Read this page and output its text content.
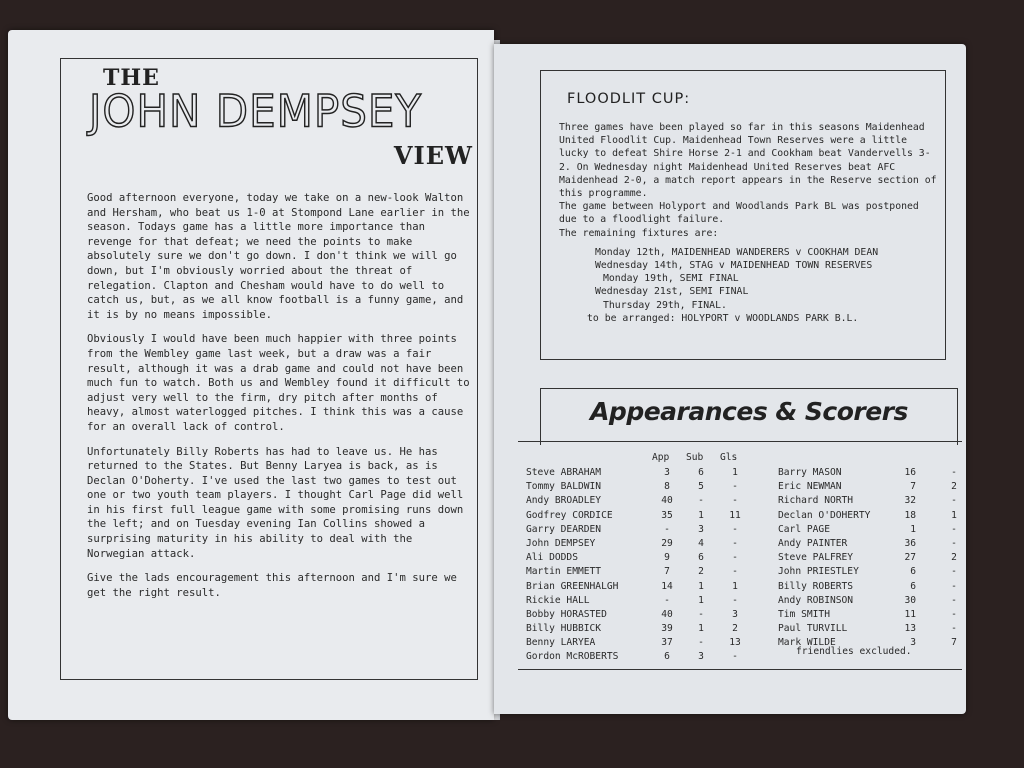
THE
JOHN DEMPSEY
VIEW

Good afternoon everyone, today we take on a new-look Walton and Hersham, who beat us 1-0 at Stompond Lane earlier in the season. Todays game has a little more importance than revenge for that defeat; we need the points to make absolutely sure we don't go down. I don't think we will go down, but I'm obviously worried about the threat of relegation. Clapton and Chesham would have to do well to catch us, but, as we all know football is a funny game, and it is by no means impossible.

Obviously I would have been much happier with three points from the Wembley game last week, but a draw was a fair result, although it was a drab game and could not have been much fun to watch. Both us and Wembley found it difficult to adjust very well to the firm, dry pitch after months of heavy, almost waterlogged pitches. I think this was a cause for an overall lack of control.

Unfortunately Billy Roberts has had to leave us. He has returned to the States. But Benny Laryea is back, as is Declan O'Doherty. I've used the last two games to test out one or two youth team players. I thought Carl Page did well in his first full league game with some promising runs down the left; and on Tuesday evening Ian Collins showed a surprising maturity in his ability to deal with the Norwegian attack.

Give the lads encouragement this afternoon and I'm sure we get the right result.

FLOODLIT CUP:

Three games have been played so far in this seasons Maidenhead United Floodlit Cup. Maidenhead Town Reserves were a little lucky to defeat Shire Horse 2-1 and Cookham beat Vandervells 3-2. On Wednesday night Maidenhead United Reserves beat AFC Maidenhead 2-0, a match report appears in the Reserve section of this programme.

The game between Holyport and Woodlands Park BL was postponed due to a floodlight failure.

The remaining fixtures are:

Monday 12th, MAIDENHEAD WANDERERS v COOKHAM DEAN
Wednesday 14th, STAG v MAIDENHEAD TOWN RESERVES
Monday 19th, SEMI FINAL
Wednesday 21st, SEMI FINAL
Thursday 29th, FINAL.
to be arranged: HOLYPORT v WOODLANDS PARK B.L.
Appearances & Scorers
App Sub Gls
Steve ABRAHAM	3	6	1
Tommy BALDWIN	8	5	-
Andy BROADLEY	40	-	-
Godfrey CORDICE	35	1	11
Garry DEARDEN	-	3	-
John DEMPSEY	29	4	-
Ali DODDS	9	6	-
Martin EMMETT	7	2	-
Brian GREENHALGH	14	1	1
Rickie HALL	-	1	-
Bobby HORASTED	40	-	3
Billy HUBBICK	39	1	2
Benny LARYEA	37	-	13
Gordon McROBERTS	6	3	-
Barry MASON	16	-
Eric NEWMAN	7	2
Richard NORTH	32	-
Declan O'DOHERTY	18	1
Carl PAGE	1	-
Andy PAINTER	36	-
Steve PALFREY	27	2
John PRIESTLEY	6	-
Billy ROBERTS	6	-
Andy ROBINSON	30	-
Tim SMITH	11	-
Paul TURVILL	13	-
Mark WILDE	3	7
friendlies excluded.
